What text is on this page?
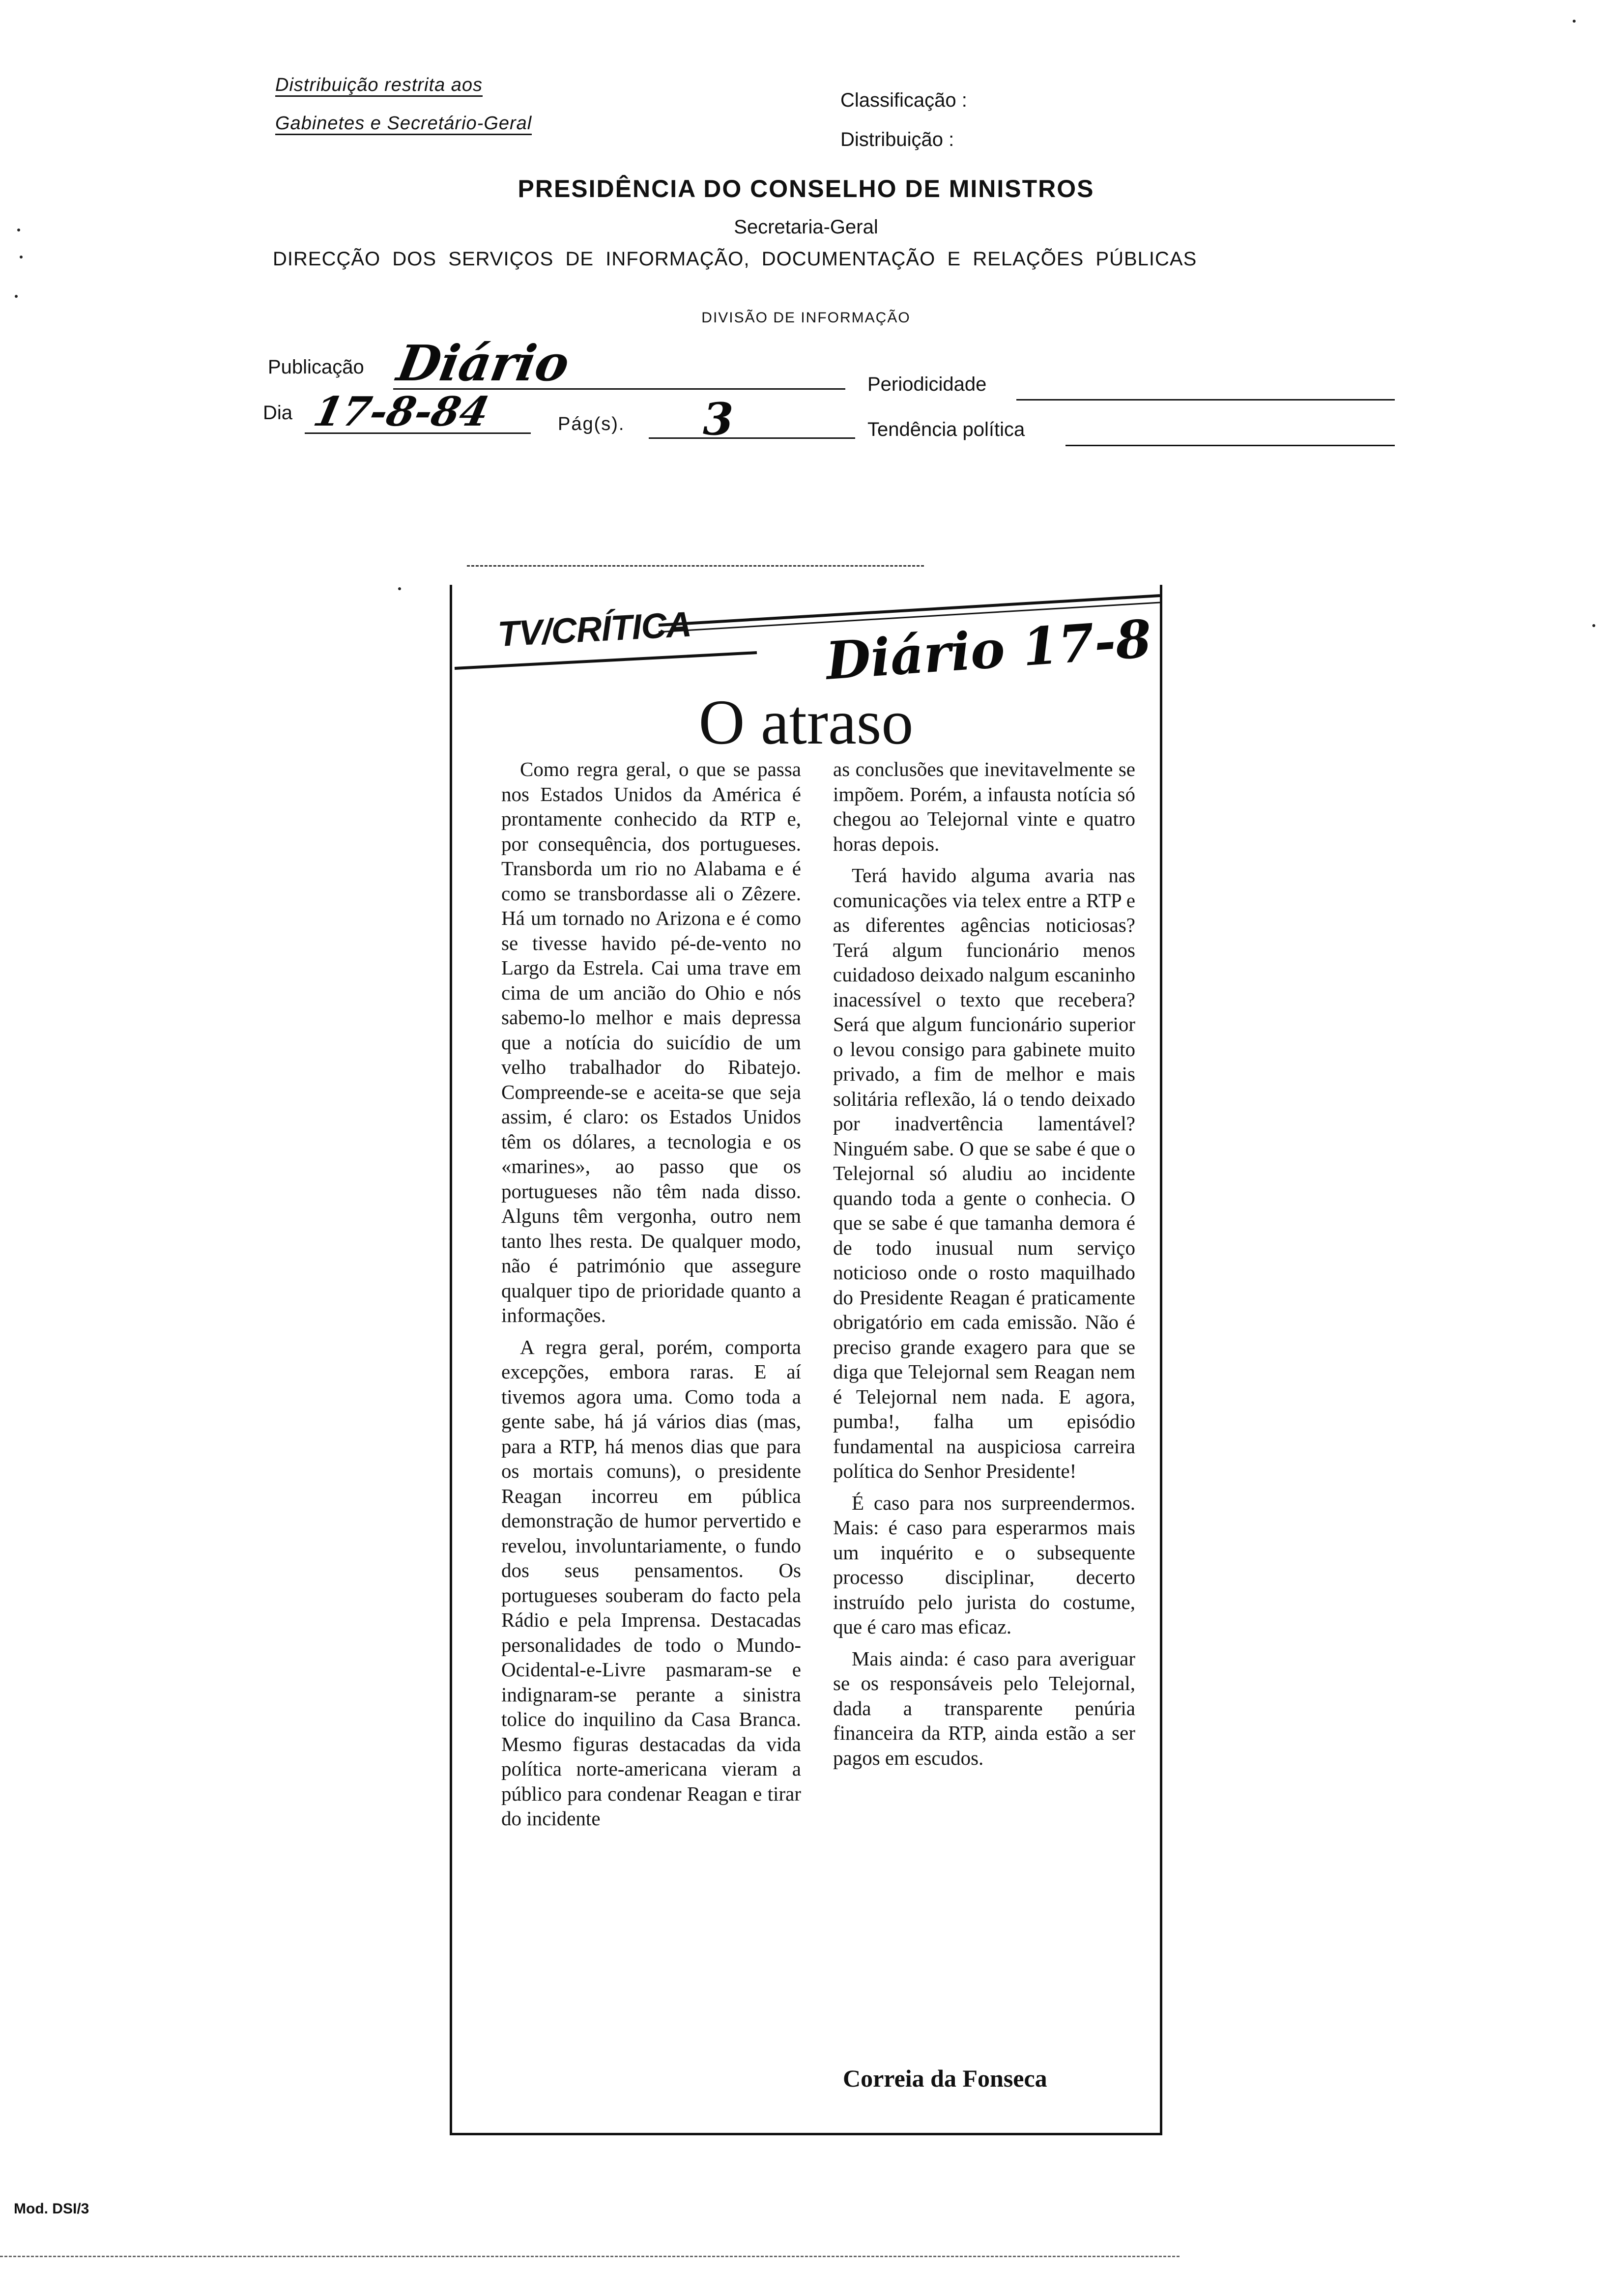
Distribuição restrita aos
Gabinetes e Secretário-Geral
Classificação :
Distribuição :
PRESIDÊNCIA DO CONSELHO DE MINISTROS
Secretaria-Geral
DIRECÇÃO  DOS  SERVIÇOS  DE  INFORMAÇÃO,  DOCUMENTAÇÃO  E  RELAÇÕES  PÚBLICAS
DIVISÃO DE INFORMAÇÃO
Publicação Diário	Periodicidade
Dia 17-8-84	Pág(s). 3	Tendência política
TV/CRÍTICA	Diário 17-8
O atraso

Como regra geral, o que se passa nos Estados Unidos da América é prontamente conhecido da RTP e, por consequência, dos portugueses. Transborda um rio no Alabama e é como se transbordasse ali o Zêzere. Há um tornado no Arizona e é como se tivesse havido pé-de-vento no Largo da Estrela. Cai uma trave em cima de um ancião do Ohio e nós sabemo-lo melhor e mais depressa que a notícia do suicídio de um velho trabalhador do Ribatejo. Compreende-se e aceita-se que seja assim, é claro: os Estados Unidos têm os dólares, a tecnologia e os «marines», ao passo que os portugueses não têm nada disso. Alguns têm vergonha, outro nem tanto lhes resta. De qualquer modo, não é património que assegure qualquer tipo de prioridade quanto a informações.

A regra geral, porém, comporta excepções, embora raras. E aí tivemos agora uma. Como toda a gente sabe, há já vários dias (mas, para a RTP, há menos dias que para os mortais comuns), o presidente Reagan incorreu em pública demonstração de humor pervertido e revelou, involuntariamente, o fundo dos seus pensamentos. Os portugueses souberam do facto pela Rádio e pela Imprensa. Destacadas personalidades de todo o Mundo-Ocidental-e-Livre pasmaram-se e indignaram-se perante a sinistra tolice do inquilino da Casa Branca. Mesmo figuras destacadas da vida política norte-americana vieram a público para condenar Reagan e tirar do incidente

as conclusões que inevitavelmente se impõem. Porém, a infausta notícia só chegou ao Telejornal vinte e quatro horas depois.

Terá havido alguma avaria nas comunicações via telex entre a RTP e as diferentes agências noticiosas? Terá algum funcionário menos cuidadoso deixado nalgum escaninho inacessível o texto que recebera? Será que algum funcionário superior o levou consigo para gabinete muito privado, a fim de melhor e mais solitária reflexão, lá o tendo deixado por inadvertência lamentável? Ninguém sabe. O que se sabe é que o Telejornal só aludiu ao incidente quando toda a gente o conhecia. O que se sabe é que tamanha demora é de todo inusual num serviço noticioso onde o rosto maquilhado do Presidente Reagan é praticamente obrigatório em cada emissão. Não é preciso grande exagero para que se diga que Telejornal sem Reagan nem é Telejornal nem nada. E agora, pumba!, falha um episódio fundamental na auspiciosa carreira política do Senhor Presidente!

É caso para nos surpreendermos. Mais: é caso para esperarmos mais um inquérito e o subsequente processo disciplinar, decerto instruído pelo jurista do costume, que é caro mas eficaz.

Mais ainda: é caso para averiguar se os responsáveis pelo Telejornal, dada a transparente penúria financeira da RTP, ainda estão a ser pagos em escudos.

Correia da Fonseca
Mod. DSI/3
